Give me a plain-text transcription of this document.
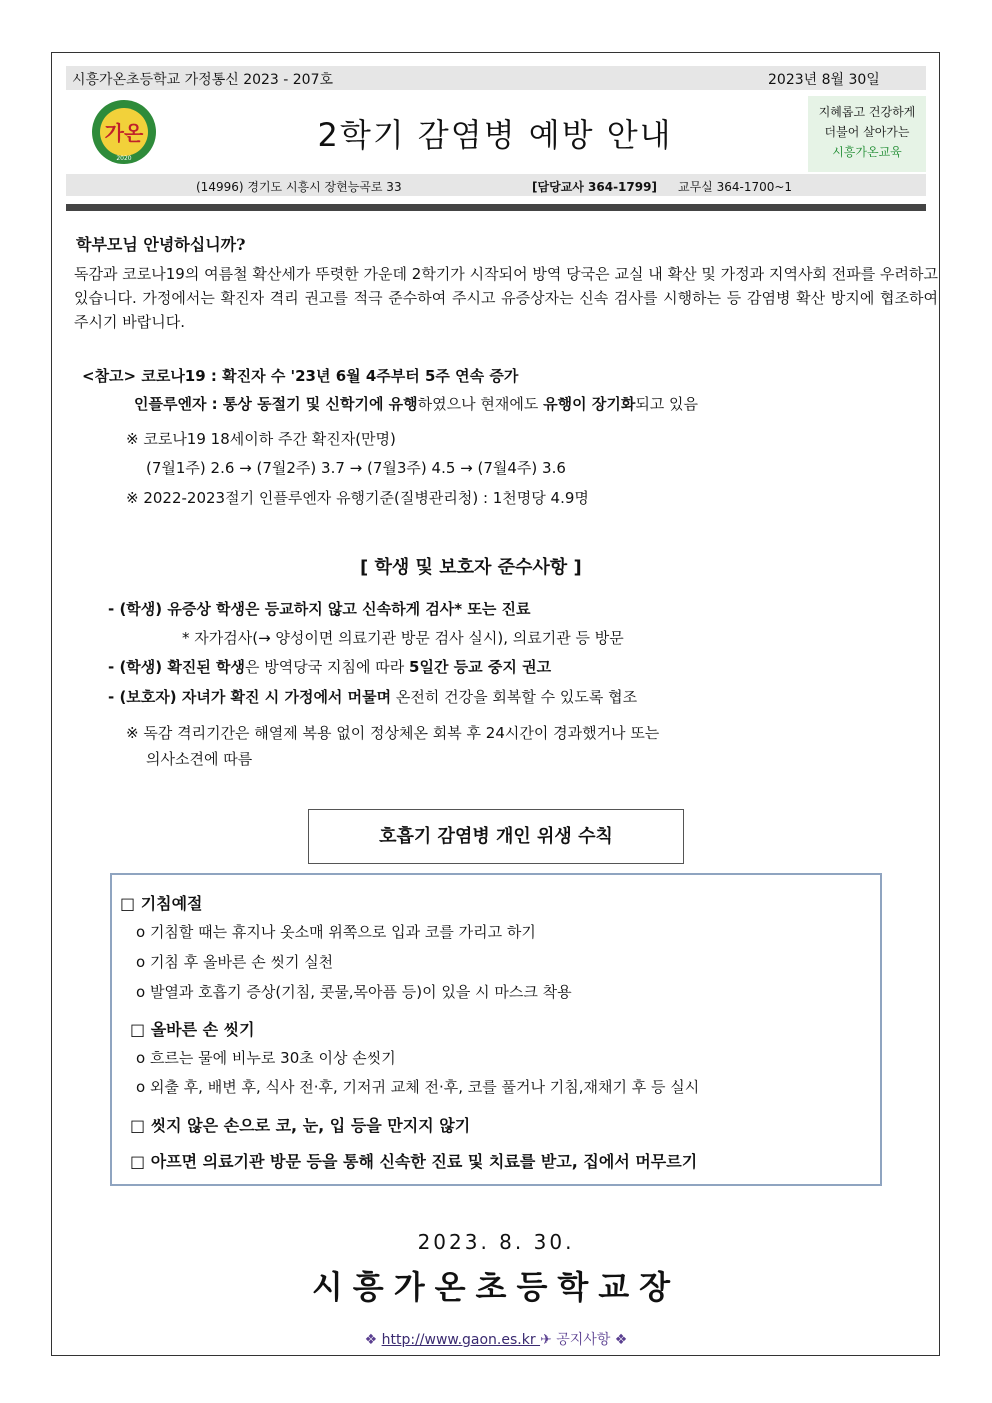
시흥가온초등학교 가정통신 2023 - 207호	2023년 8월 30일
가온
2020
2학기 감염병 예방 안내
지혜롭고 건강하게
더불어 살아가는
시흥가온교육
(14996) 경기도 시흥시 장현능곡로 33	[담당교사 364-1799] 교무실 364-1700~1
학부모님 안녕하십니까?
독감과 코로나19의 여름철 확산세가 뚜렷한 가운데 2학기가 시작되어 방역 당국은 교실 내 확산 및 가정과 지역사회 전파를 우려하고 있습니다. 가정에서는 확진자 격리 권고를 적극 준수하여 주시고 유증상자는 신속 검사를 시행하는 등 감염병 확산 방지에 협조하여 주시기 바랍니다.
<참고> 코로나19 : 확진자 수 '23년 6월 4주부터 5주 연속 증가
인플루엔자 : 통상 동절기 및 신학기에 유행하였으나 현재에도 유행이 장기화되고 있음
※ 코로나19 18세이하 주간 확진자(만명)
(7월1주) 2.6 → (7월2주) 3.7 → (7월3주) 4.5 → (7월4주) 3.6
※ 2022-2023절기 인플루엔자 유행기준(질병관리청) : 1천명당 4.9명
[ 학생 및 보호자 준수사항 ]
- (학생) 유증상 학생은 등교하지 않고 신속하게 검사* 또는 진료
* 자가검사(→ 양성이면 의료기관 방문 검사 실시), 의료기관 등 방문
- (학생) 확진된 학생은 방역당국 지침에 따라 5일간 등교 중지 권고
- (보호자) 자녀가 확진 시 가정에서 머물며 온전히 건강을 회복할 수 있도록 협조
※ 독감 격리기간은 해열제 복용 없이 정상체온 회복 후 24시간이 경과했거나 또는
의사소견에 따름
호흡기 감염병 개인 위생 수칙
□ 기침예절
o 기침할 때는 휴지나 옷소매 위쪽으로 입과 코를 가리고 하기
o 기침 후 올바른 손 씻기 실천
o 발열과 호흡기 증상(기침, 콧물,목아픔 등)이 있을 시 마스크 착용
□ 올바른 손 씻기
o 흐르는 물에 비누로 30초 이상 손씻기
o 외출 후, 배변 후, 식사 전·후, 기저귀 교체 전·후, 코를 풀거나 기침,재채기 후 등 실시
□ 씻지 않은 손으로 코, 눈, 입 등을 만지지 않기
□ 아프면 의료기관 방문 등을 통해 신속한 진료 및 치료를 받고, 집에서 머무르기
2023. 8. 30.
시흥가온초등학교장
❖ http://www.gaon.es.kr ✈ 공지사항 ❖
